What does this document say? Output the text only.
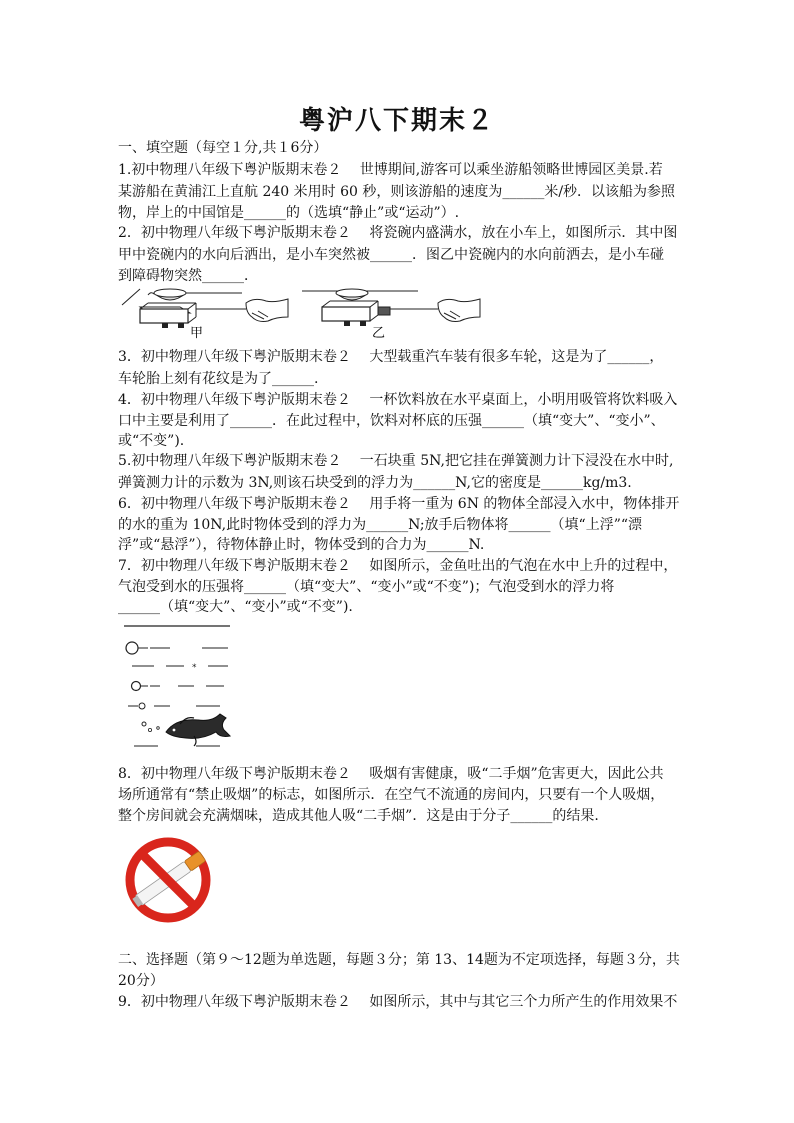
粤沪八下期末２
一、填空题（每空１分,共１6分）
1.初中物理八年级下粤沪版期末卷２　 世博期间,游客可以乘坐游船领略世博园区美景.若
某游船在黄浦江上直航 240 米用时 60 秒，则该游船的速度为______米/秒．以该船为参照
物，岸上的中国馆是______的（选填“静止”或“运动”）.
2．初中物理八年级下粤沪版期末卷２　 将瓷碗内盛满水，放在小车上，如图所示．其中图
甲中瓷碗内的水向后洒出，是小车突然被______．图乙中瓷碗内的水向前洒去，是小车碰
到障碍物突然______．
甲	乙
3．初中物理八年级下粤沪版期末卷２　 大型载重汽车装有很多车轮，这是为了______，
车轮胎上刻有花纹是为了______.
4．初中物理八年级下粤沪版期末卷２　 一杯饮料放在水平桌面上，小明用吸管将饮料吸入
口中主要是利用了______．在此过程中，饮料对杯底的压强______（填“变大”、“变小”、
或“不变”).
5.初中物理八年级下粤沪版期末卷２　 一石块重 5N,把它挂在弹簧测力计下浸没在水中时,
弹簧测力计的示数为 3N,则该石块受到的浮力为______N,它的密度是______kg/m3.
6．初中物理八年级下粤沪版期末卷２　 用手将一重为 6N 的物体全部浸入水中，物体排开
的水的重为 10N,此时物体受到的浮力为______N;放手后物体将______（填“上浮”“漂
浮”或“悬浮”），待物体静止时，物体受到的合力为______N.
7．初中物理八年级下粤沪版期末卷２　 如图所示，金鱼吐出的气泡在水中上升的过程中，
气泡受到水的压强将______（填“变大”、“变小”或“不变”)；气泡受到水的浮力将
______（填“变大”、“变小”或“不变”).
*
8．初中物理八年级下粤沪版期末卷２　 吸烟有害健康，吸“二手烟”危害更大，因此公共
场所通常有“禁止吸烟”的标志，如图所示．在空气不流通的房间内，只要有一个人吸烟，
整个房间就会充满烟味，造成其他人吸“二手烟”．这是由于分子______的结果.
二、选择题（第９～12题为单选题，每题３分；第 13、14题为不定项选择，每题３分，共
20分）
9．初中物理八年级下粤沪版期末卷２　 如图所示，其中与其它三个力所产生的作用效果不
